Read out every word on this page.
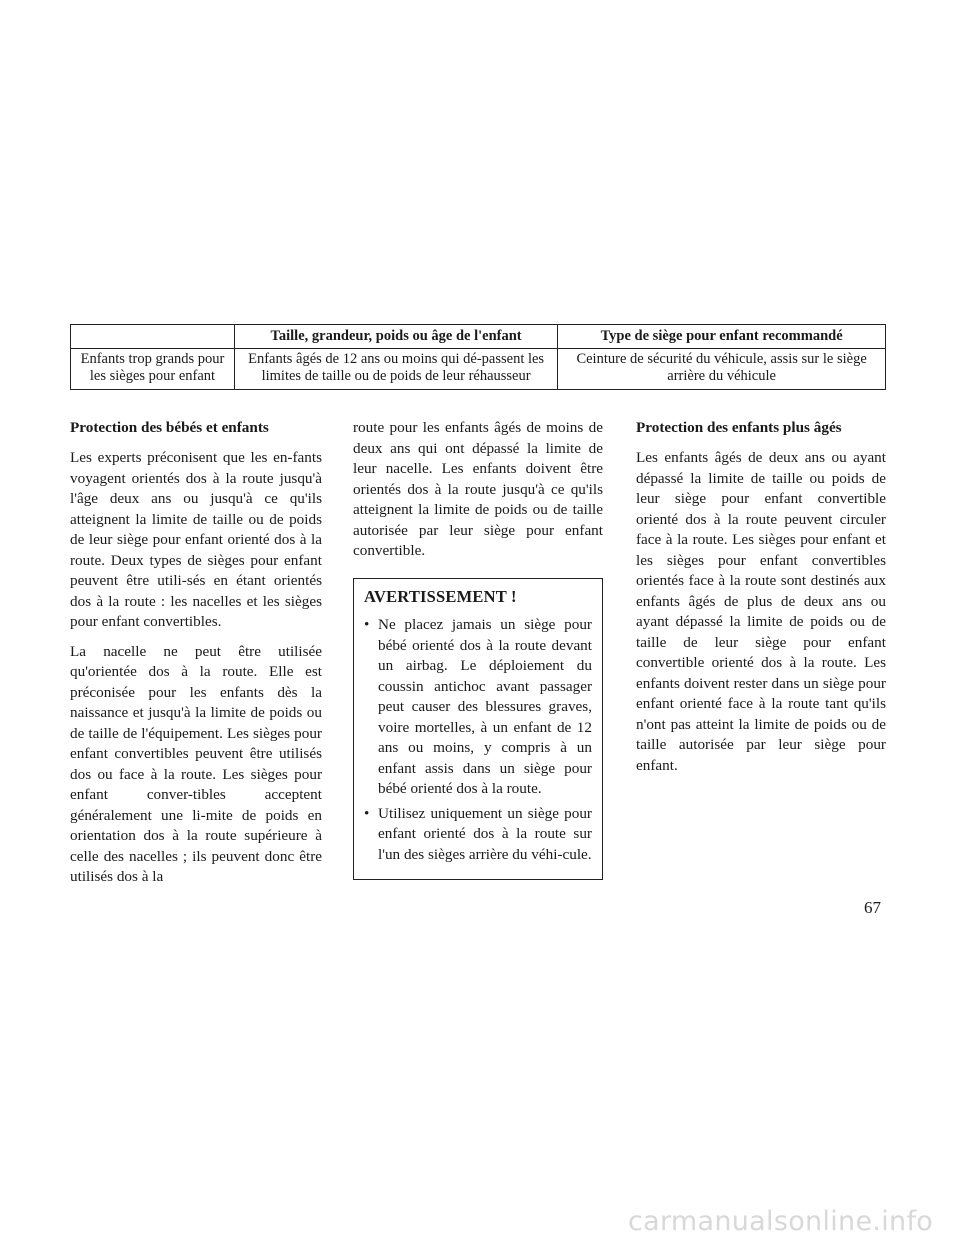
	Taille, grandeur, poids ou âge de l'enfant	Type de siège pour enfant recommandé
Enfants trop grands pour les sièges pour enfant	Enfants âgés de 12 ans ou moins qui dé-passent les limites de taille ou de poids de leur réhausseur	Ceinture de sécurité du véhicule, assis sur le siège arrière du véhicule
Protection des bébés et enfants

Les experts préconisent que les en-fants voyagent orientés dos à la route jusqu'à l'âge deux ans ou jusqu'à ce qu'ils atteignent la limite de taille ou de poids de leur siège pour enfant orienté dos à la route. Deux types de sièges pour enfant peuvent être utili-sés en étant orientés dos à la route : les nacelles et les sièges pour enfant convertibles.

La nacelle ne peut être utilisée qu'orientée dos à la route. Elle est préconisée pour les enfants dès la naissance et jusqu'à la limite de poids ou de taille de l'équipement. Les sièges pour enfant convertibles peuvent être utilisés dos ou face à la route. Les sièges pour enfant conver-tibles acceptent généralement une li-mite de poids en orientation dos à la route supérieure à celle des nacelles ; ils peuvent donc être utilisés dos à la

route pour les enfants âgés de moins de deux ans qui ont dépassé la limite de leur nacelle. Les enfants doivent être orientés dos à la route jusqu'à ce qu'ils atteignent la limite de poids ou de taille autorisée par leur siège pour enfant convertible.

AVERTISSEMENT !
• Ne placez jamais un siège pour bébé orienté dos à la route devant un airbag. Le déploiement du coussin antichoc avant passager peut causer des blessures graves, voire mortelles, à un enfant de 12 ans ou moins, y compris à un enfant assis dans un siège pour bébé orienté dos à la route.
• Utilisez uniquement un siège pour enfant orienté dos à la route sur l'un des sièges arrière du véhi-cule.
Protection des enfants plus âgés

Les enfants âgés de deux ans ou ayant dépassé la limite de taille ou poids de leur siège pour enfant convertible orienté dos à la route peuvent circuler face à la route. Les sièges pour enfant et les sièges pour enfant convertibles orientés face à la route sont destinés aux enfants âgés de plus de deux ans ou ayant dépassé la limite de poids ou de taille de leur siège pour enfant convertible orienté dos à la route. Les enfants doivent rester dans un siège pour enfant orienté face à la route tant qu'ils n'ont pas atteint la limite de poids ou de taille autorisée par leur siège pour enfant.

67
carmanualsonline.info
